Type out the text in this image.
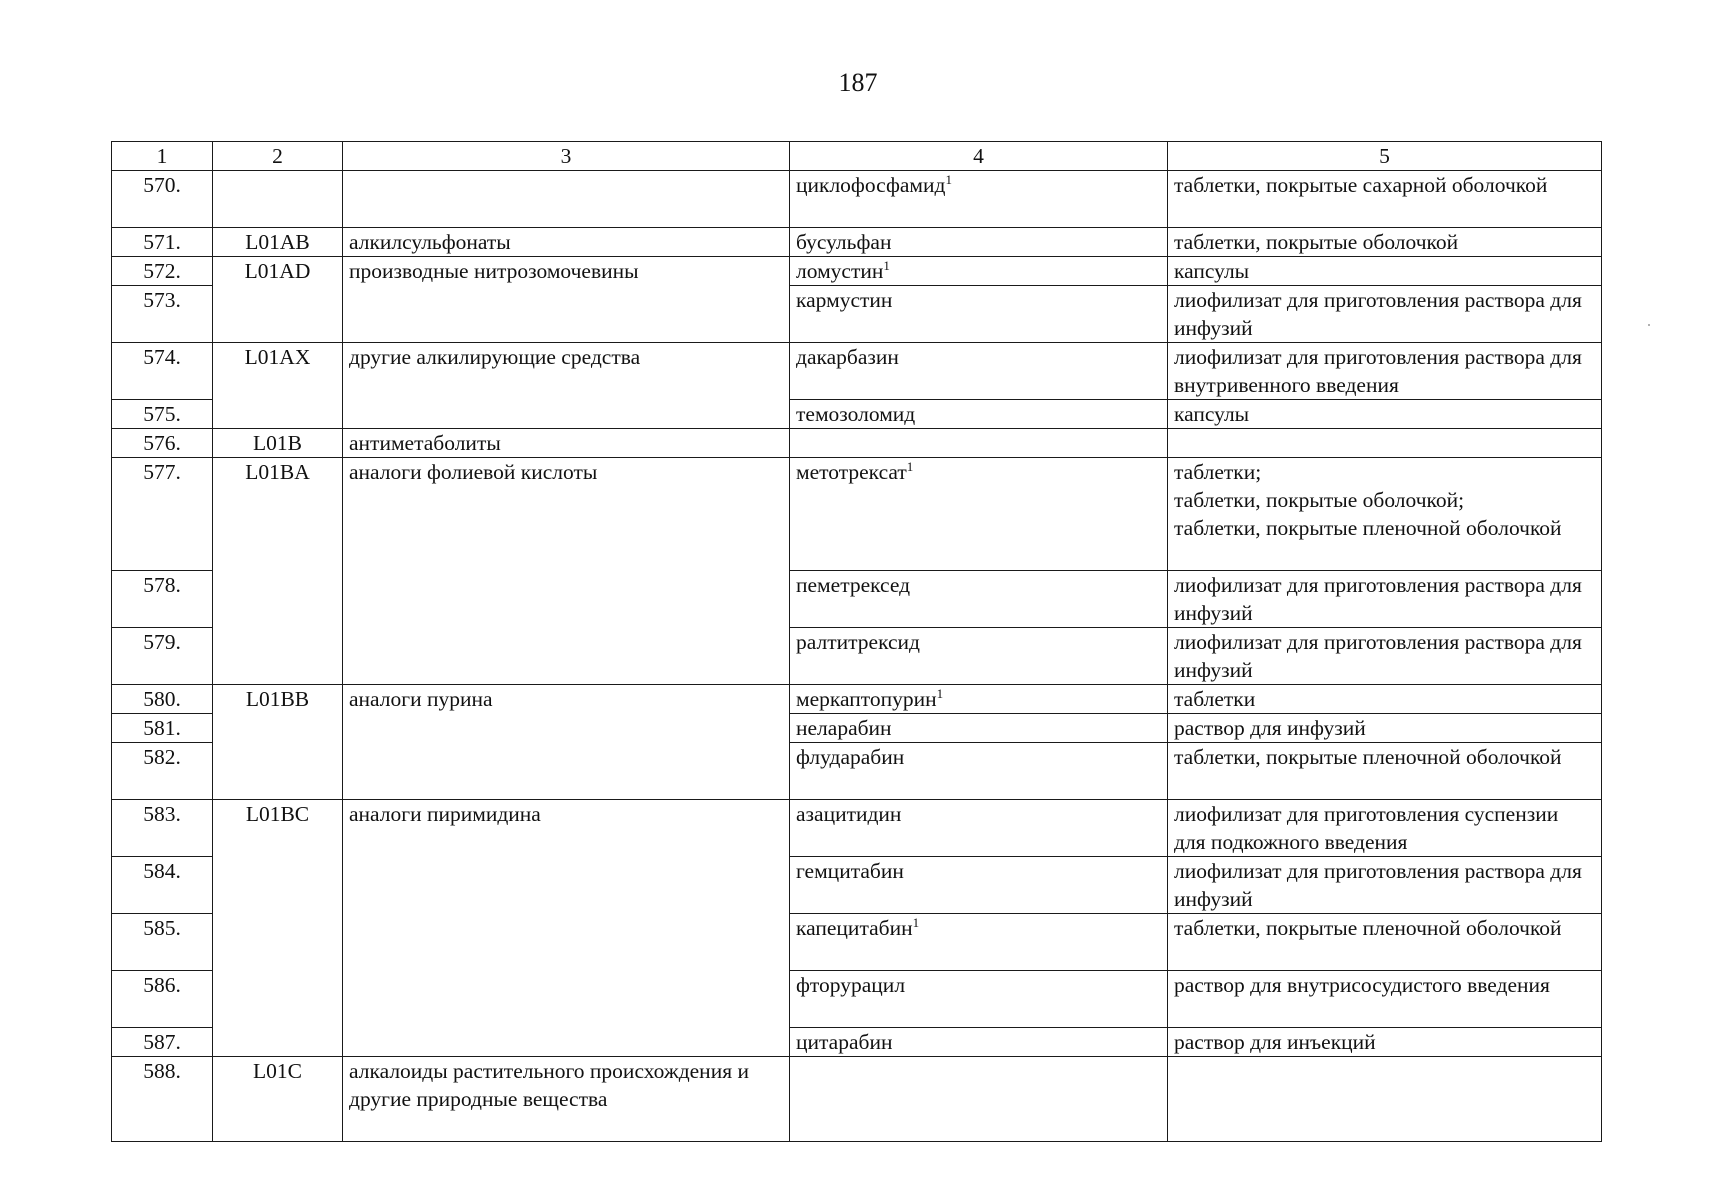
187
1	2	3	4	5
570.			циклофосфамид$^1$	таблетки, покрытые сахарной оболочкой
571.	L01AB	алкилсульфонаты	бусульфан	таблетки, покрытые оболочкой
572.	L01AD	производные нитрозомочевины	ломустин$^1$	капсулы
573.			кармустин	лиофилизат для приготовления раствора для инфузий
574.	L01AX	другие алкилирующие средства	дакарбазин	лиофилизат для приготовления раствора для внутривенного введения
575.			темозоломид	капсулы
576.	L01B	антиметаболиты		
577.	L01BA	аналоги фолиевой кислоты	метотрексат$^1$	таблетки;
таблетки, покрытые оболочкой;
таблетки, покрытые пленочной оболочкой
578.			пеметрексед	лиофилизат для приготовления раствора для инфузий
579.			ралтитрексид	лиофилизат для приготовления раствора для инфузий
580.	L01BB	аналоги пурина	меркаптопурин$^1$	таблетки
581.			неларабин	раствор для инфузий
582.			флударабин	таблетки, покрытые пленочной оболочкой
583.	L01BC	аналоги пиримидина	азацитидин	лиофилизат для приготовления суспензии для подкожного введения
584.			гемцитабин	лиофилизат для приготовления раствора для инфузий
585.			капецитабин$^1$	таблетки, покрытые пленочной оболочкой
586.			фторурацил	раствор для внутрисосудистого введения
587.			цитарабин	раствор для инъекций
588.	L01C	алкалоиды растительного происхождения и другие природные вещества		
